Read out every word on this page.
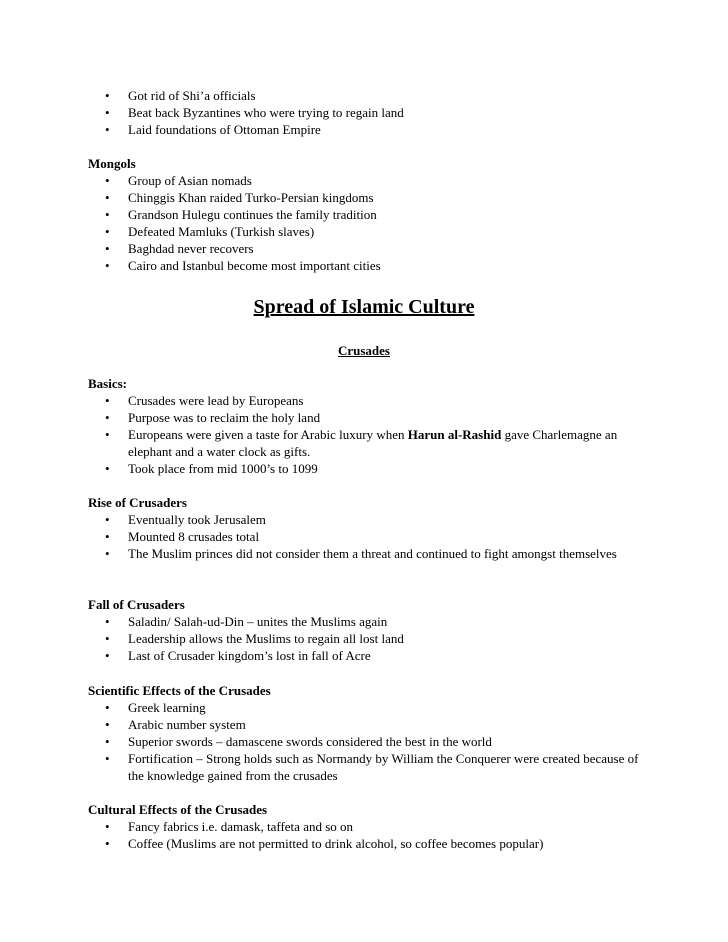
• Got rid of Shi’a officials
• Beat back Byzantines who were trying to regain land
• Laid foundations of Ottoman Empire

Mongols

• Group of Asian nomads
• Chinggis Khan raided Turko-Persian kingdoms
• Grandson Hulegu continues the family tradition
• Defeated Mamluks (Turkish slaves)
• Baghdad never recovers
• Cairo and Istanbul become most important cities
Spread of Islamic Culture
Crusades

Basics:

• Crusades were lead by Europeans
• Purpose was to reclaim the holy land
• Europeans were given a taste for Arabic luxury when Harun al-Rashid gave Charlemagne an elephant and a water clock as gifts.
• Took place from mid 1000’s to 1099

Rise of Crusaders

• Eventually took Jerusalem
• Mounted 8 crusades total
• The Muslim princes did not consider them a threat and continued to fight amongst themselves

Fall of Crusaders

• Saladin/ Salah-ud-Din – unites the Muslims again
• Leadership allows the Muslims to regain all lost land
• Last of Crusader kingdom’s lost in fall of Acre

Scientific Effects of the Crusades

• Greek learning
• Arabic number system
• Superior swords – damascene swords considered the best in the world
• Fortification – Strong holds such as Normandy by William the Conquerer were created because of the knowledge gained from the crusades

Cultural Effects of the Crusades

• Fancy fabrics i.e. damask, taffeta and so on
• Coffee (Muslims are not permitted to drink alcohol, so coffee becomes popular)
